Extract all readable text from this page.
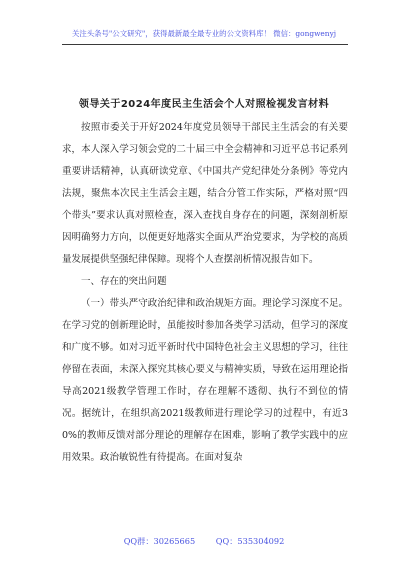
关注头条号"公文研究"，获得最新最全最专业的公文资料库！ 微信：gongwenyj
领导关于2024年度民主生活会个人对照检视发言材料

按照市委关于开好2024年度党员领导干部民主生活会的有关要求，本人深入学习领会党的二十届三中全会精神和习近平总书记系列重要讲话精神，认真研读党章、《中国共产党纪律处分条例》等党内法规，聚焦本次民主生活会主题，结合分管工作实际，严格对照“四个带头”要求认真对照检查，深入查找自身存在的问题，深刻剖析原因明确努力方向，以便更好地落实全面从严治党要求，为学校的高质量发展提供坚强纪律保障。现将个人查摆剖析情况报告如下。

一、存在的突出问题

（一）带头严守政治纪律和政治规矩方面。理论学习深度不足。在学习党的创新理论时，虽能按时参加各类学习活动，但学习的深度和广度不够。如对习近平新时代中国特色社会主义思想的学习，往往停留在表面，未深入探究其核心要义与精神实质，导致在运用理论指导高2021级教学管理工作时，存在理解不透彻、执行不到位的情况。据统计，在组织高2021级教师进行理论学习的过程中，有近30%的教师反馈对部分理论的理解存在困难，影响了教学实践中的应用效果。政治敏锐性有待提高。在面对复杂

QQ群：30265665	QQ：535304092
